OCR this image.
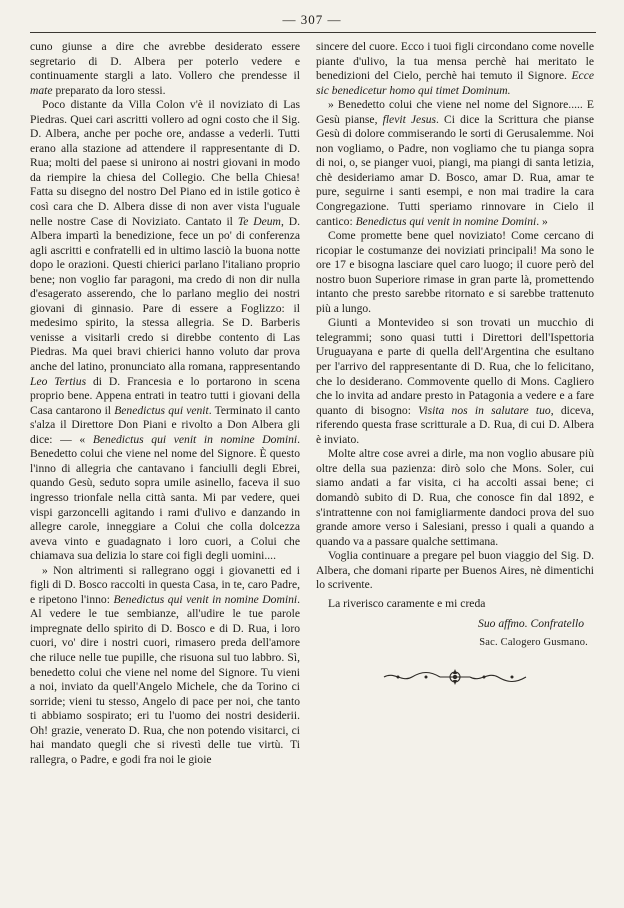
— 307 —

cuno giunse a dire che avrebbe desiderato essere segretario di D. Albera per poterlo vedere e continuamente stargli a lato. Vollero che prendesse il mate preparato da loro stessi.

Poco distante da Villa Colon v'è il noviziato di Las Piedras. Quei cari ascritti vollero ad ogni costo che il Sig. D. Albera, anche per poche ore, andasse a vederli. Tutti erano alla stazione ad attendere il rappresentante di D. Rua; molti del paese si unirono ai nostri giovani in modo da riempire la chiesa del Collegio. Che bella Chiesa! Fatta su disegno del nostro Del Piano ed in istile gotico è così cara che D. Albera disse di non aver vista l'uguale nelle nostre Case di Noviziato. Cantato il Te Deum, D. Albera impartì la benedizione, fece un po' di conferenza agli ascritti e confratelli ed in ultimo lasciò la buona notte dopo le orazioni. Questi chierici parlano l'italiano proprio bene; non voglio far paragoni, ma credo di non dir nulla d'esagerato asserendo, che lo parlano meglio dei nostri giovani di ginnasio. Pare di essere a Foglizzo: il medesimo spirito, la stessa allegria. Se D. Barberis venisse a visitarli credo si direbbe contento di Las Piedras. Ma quei bravi chierici hanno voluto dar prova anche del latino, pronunciato alla romana, rappresentando Leo Tertius di D. Francesia e lo portarono in scena proprio bene. Appena entrati in teatro tutti i giovani della Casa cantarono il Benedictus qui venit. Terminato il canto s'alza il Direttore Don Piani e rivolto a Don Albera gli dice: — « Benedictus qui venit in nomine Domini. Benedetto colui che viene nel nome del Signore. È questo l'inno di allegria che cantavano i fanciulli degli Ebrei, quando Gesù, seduto sopra umile asinello, faceva il suo ingresso trionfale nella città santa. Mi par vedere, quei vispi garzoncelli agitando i rami d'ulivo e danzando in allegre carole, inneggiare a Colui che colla dolcezza aveva vinto e guadagnato i loro cuori, a Colui che chiamava sua delizia lo stare coi figli degli uomini....

» Non altrimenti si rallegrano oggi i giovanetti ed i figli di D. Bosco raccolti in questa Casa, in te, caro Padre, e ripetono l'inno: Benedictus qui venit in nomine Domini. Al vedere le tue sembianze, all'udire le tue parole impregnate dello spirito di D. Bosco e di D. Rua, i loro cuori, vo' dire i nostri cuori, rimasero preda dell'amore che riluce nelle tue pupille, che risuona sul tuo labbro. Sì, benedetto colui che viene nel nome del Signore. Tu vieni a noi, inviato da quell'Angelo Michele, che da Torino ci sorride; vieni tu stesso, Angelo di pace per noi, che tanto ti abbiamo sospirato; eri tu l'uomo dei nostri desiderii. Oh! grazie, venerato D. Rua, che non potendo visitarci, ci hai mandato quegli che si rivestì delle tue virtù. Ti rallegra, o Padre, e godi fra noi le gioie

sincere del cuore. Ecco i tuoi figli circondano come novelle piante d'ulivo, la tua mensa perchè hai meritato le benedizioni del Cielo, perchè hai temuto il Signore. Ecce sic benedicetur homo qui timet Dominum.

» Benedetto colui che viene nel nome del Signore..... E Gesù pianse, flevit Jesus. Ci dice la Scrittura che pianse Gesù di dolore commiserando le sorti di Gerusalemme. Noi non vogliamo, o Padre, non vogliamo che tu pianga sopra di noi, o, se pianger vuoi, piangi, ma piangi di santa letizia, chè desideriamo amar D. Bosco, amar D. Rua, amar te pure, seguirne i santi esempi, e non mai tradire la cara Congregazione. Tutti speriamo rinnovare in Cielo il cantico: Benedictus qui venit in nomine Domini. »

Come promette bene quel noviziato! Come cercano di ricopiar le costumanze dei noviziati principali! Ma sono le ore 17 e bisogna lasciare quel caro luogo; il cuore però del nostro buon Superiore rimase in gran parte là, promettendo intanto che presto sarebbe ritornato e si sarebbe trattenuto più a lungo.

Giunti a Montevideo si son trovati un mucchio di telegrammi; sono quasi tutti i Direttori dell'Ispettoria Uruguayana e parte di quella dell'Argentina che esultano per l'arrivo del rappresentante di D. Rua, che lo felicitano, che lo desiderano. Commovente quello di Mons. Cagliero che lo invita ad andare presto in Patagonia a vedere e a fare quanto di bisogno: Visita nos in salutare tuo, diceva, riferendo questa frase scritturale a D. Rua, di cui D. Albera è inviato.

Molte altre cose avrei a dirle, ma non voglio abusare più oltre della sua pazienza: dirò solo che Mons. Soler, cui siamo andati a far visita, ci ha accolti assai bene; ci domandò subito di D. Rua, che conosce fin dal 1892, e s'intrattenne con noi famigliarmente dandoci prova del suo grande amore verso i Salesiani, presso i quali a quando a quando va a passare qualche settimana.

Voglia continuare a pregare pel buon viaggio del Sig. D. Albera, che domani riparte per Buenos Aires, nè dimentichi lo scrivente.

La riverisco caramente e mi creda

Suo affmo. Confratello

Sac. Calogero Gusmano.
